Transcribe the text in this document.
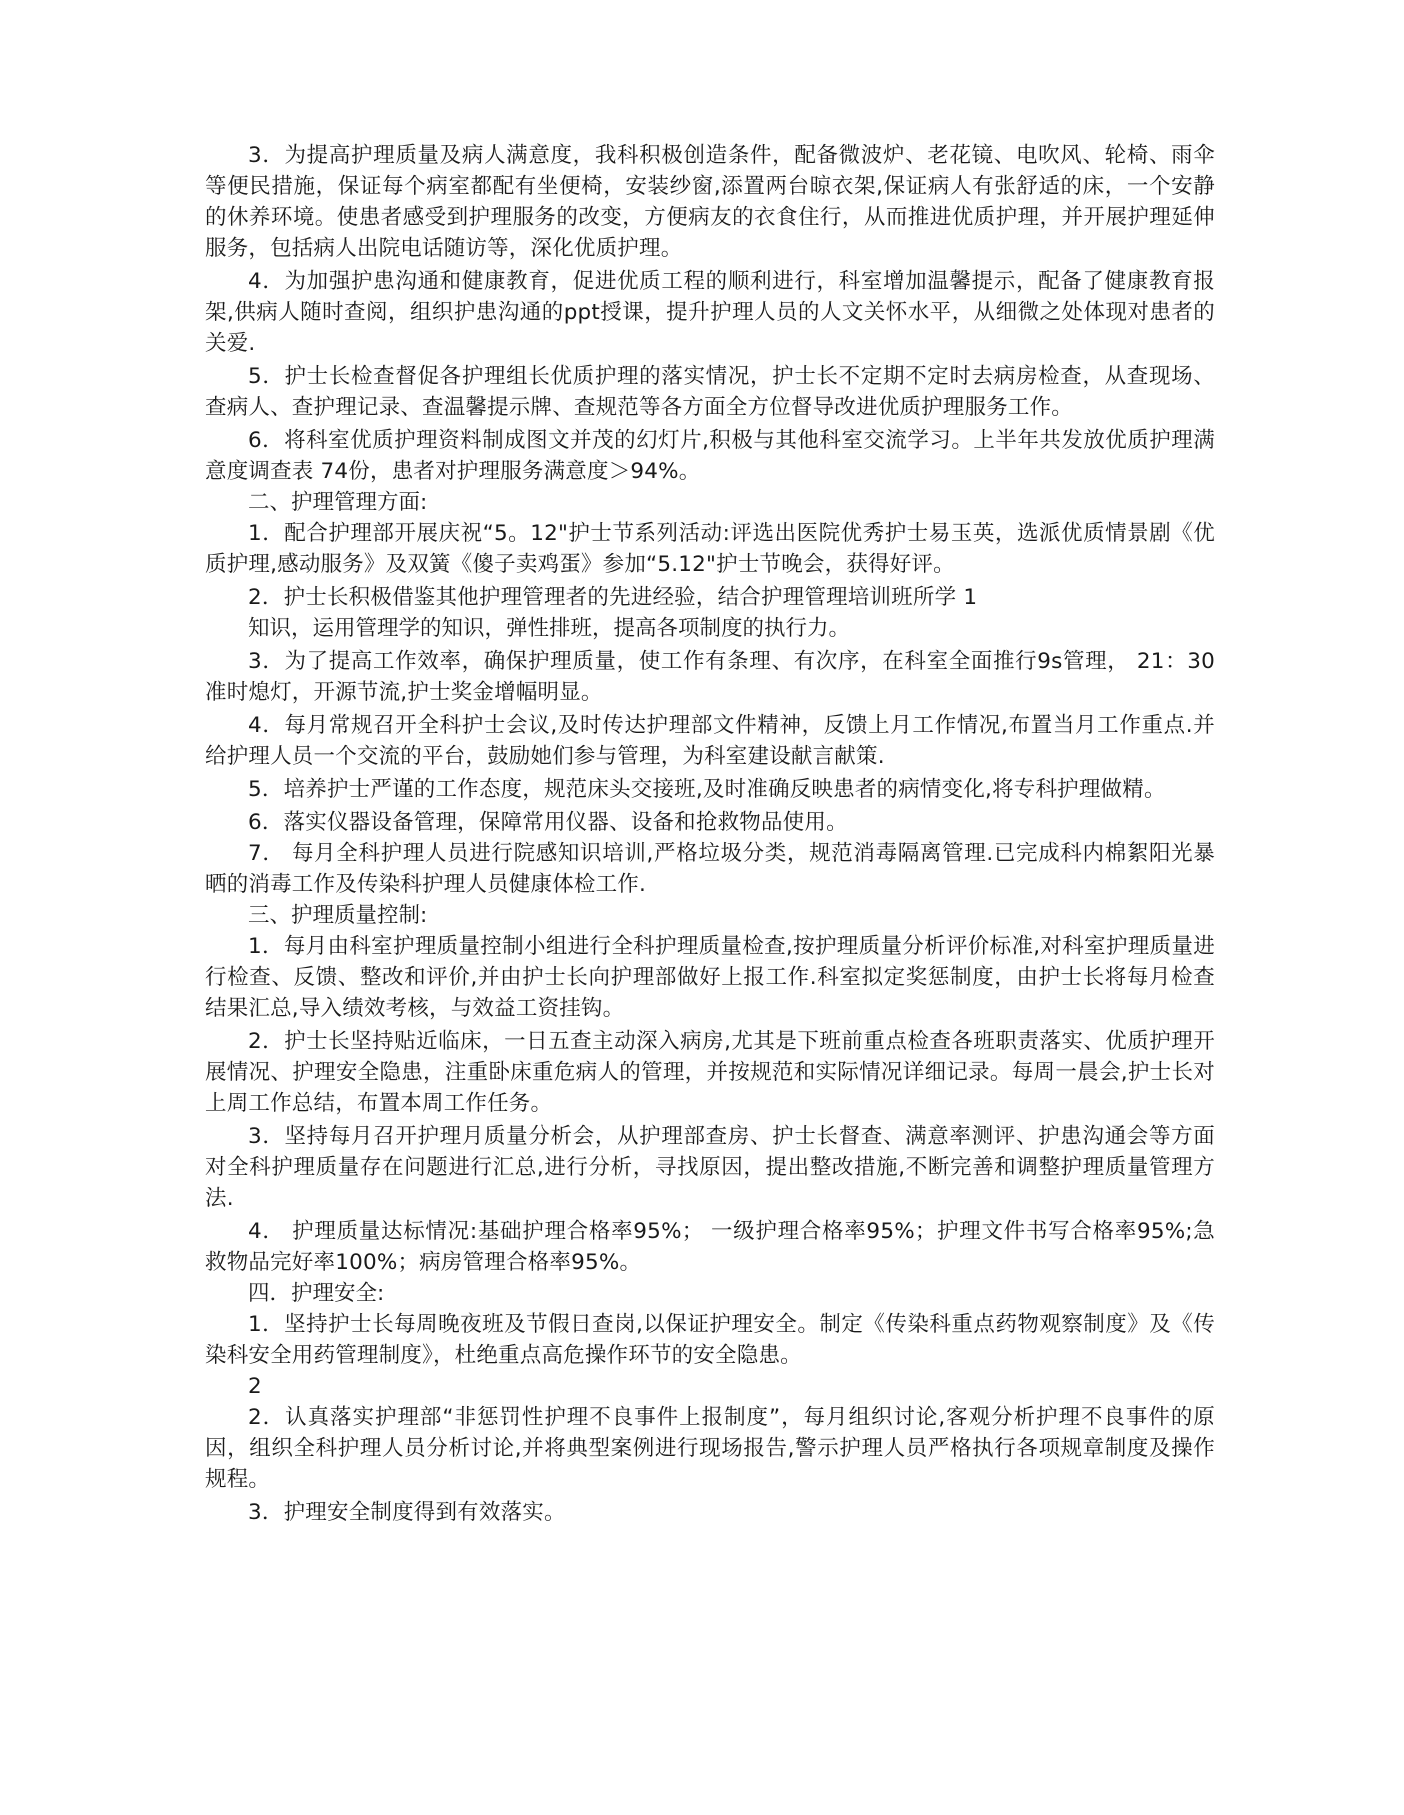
3．为提高护理质量及病人满意度，我科积极创造条件，配备微波炉、老花镜、电吹风、轮椅、雨伞等便民措施，保证每个病室都配有坐便椅，安装纱窗,添置两台晾衣架,保证病人有张舒适的床，一个安静的休养环境。使患者感受到护理服务的改变，方便病友的衣食住行，从而推进优质护理，并开展护理延伸服务，包括病人出院电话随访等，深化优质护理。

4．为加强护患沟通和健康教育，促进优质工程的顺利进行，科室增加温馨提示，配备了健康教育报架,供病人随时查阅，组织护患沟通的ppt授课，提升护理人员的人文关怀水平，从细微之处体现对患者的关爱.

5．护士长检查督促各护理组长优质护理的落实情况，护士长不定期不定时去病房检查，从查现场、查病人、查护理记录、查温馨提示牌、查规范等各方面全方位督导改进优质护理服务工作。

6．将科室优质护理资料制成图文并茂的幻灯片,积极与其他科室交流学习。上半年共发放优质护理满意度调查表 74份，患者对护理服务满意度＞94%。

二、护理管理方面:

1．配合护理部开展庆祝“5。12"护士节系列活动:评选出医院优秀护士易玉英，选派优质情景剧《优质护理,感动服务》及双簧《傻子卖鸡蛋》参加“5.12"护士节晚会，获得好评。

2．护士长积极借鉴其他护理管理者的先进经验，结合护理管理培训班所学 1

知识，运用管理学的知识，弹性排班，提高各项制度的执行力。

3．为了提高工作效率，确保护理质量，使工作有条理、有次序，在科室全面推行9s管理， 21：30准时熄灯，开源节流,护士奖金增幅明显。

4．每月常规召开全科护士会议,及时传达护理部文件精神，反馈上月工作情况,布置当月工作重点.并给护理人员一个交流的平台，鼓励她们参与管理，为科室建设献言献策.

5．培养护士严谨的工作态度，规范床头交接班,及时准确反映患者的病情变化,将专科护理做精。

6．落实仪器设备管理，保障常用仪器、设备和抢救物品使用。

7． 每月全科护理人员进行院感知识培训,严格垃圾分类，规范消毒隔离管理.已完成科内棉絮阳光暴晒的消毒工作及传染科护理人员健康体检工作.

三、护理质量控制:

1．每月由科室护理质量控制小组进行全科护理质量检查,按护理质量分析评价标准,对科室护理质量进行检查、反馈、整改和评价,并由护士长向护理部做好上报工作.科室拟定奖惩制度，由护士长将每月检查结果汇总,导入绩效考核，与效益工资挂钩。

2．护士长坚持贴近临床，一日五查主动深入病房,尤其是下班前重点检查各班职责落实、优质护理开展情况、护理安全隐患，注重卧床重危病人的管理，并按规范和实际情况详细记录。每周一晨会,护士长对上周工作总结，布置本周工作任务。

3．坚持每月召开护理月质量分析会，从护理部查房、护士长督查、满意率测评、护患沟通会等方面对全科护理质量存在问题进行汇总,进行分析，寻找原因，提出整改措施,不断完善和调整护理质量管理方法.

4． 护理质量达标情况:基础护理合格率95%； 一级护理合格率95%；护理文件书写合格率95%;急救物品完好率100%；病房管理合格率95%。

四．护理安全:

1．坚持护士长每周晚夜班及节假日查岗,以保证护理安全。制定《传染科重点药物观察制度》及《传染科安全用药管理制度》，杜绝重点高危操作环节的安全隐患。

2

2．认真落实护理部“非惩罚性护理不良事件上报制度”，每月组织讨论,客观分析护理不良事件的原因，组织全科护理人员分析讨论,并将典型案例进行现场报告,警示护理人员严格执行各项规章制度及操作规程。

3．护理安全制度得到有效落实。
